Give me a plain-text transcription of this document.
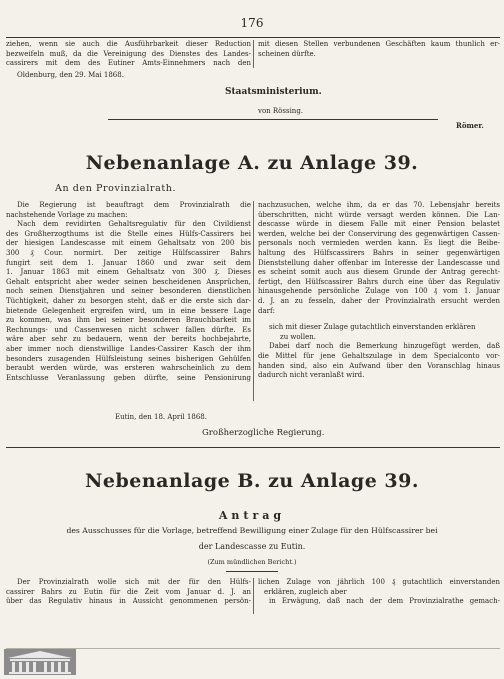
176
ziehen, wenn sie auch die Ausführbarkeit dieser Reduction
bezweifeln muß, da die Vereinigung des Dienstes des Landes-
cassirers mit dem des Eutiner Amts-Einnehmers nach den
mit diesen Stellen verbundenen Geschäften kaum thunlich er-
scheinen dürfte.
Oldenburg, den 29. Mai 1868.
Staatsministerium.
von Rössing.
Römer.
Nebenanlage A. zu Anlage 39.
An den Provinzialrath.
Die Regierung ist beauftragt dem Provinzialrath die
nachstehende Vorlage zu machen:
Nach dem revidirten Gehaltsregulativ für den Civildienst
des Großherzogthums ist die Stelle eines Hülfs-Cassirers bei
der hiesigen Landescasse mit einem Gehaltsatz von 200 bis
300 ₰ Cour. normirt. Der zeitige Hülfscassirer Bahrs
fungirt seit dem 1. Januar 1860 und zwar seit dem
1. Januar 1863 mit einem Gehaltsatz von 300 ₰. Dieses
Gehalt entspricht aber weder seinen bescheidenen Ansprüchen,
noch seinen Dienstjahren und seiner besonderen dienstlichen
Tüchtigkeit, daher zu besorgen steht, daß er die erste sich dar-
bietende Gelegenheit ergreifen wird, um in eine bessere Lage
zu kommen, was ihm bei seiner besonderen Brauchbarkeit im
Rechnungs- und Cassenwesen nicht schwer fallen dürfte. Es
wäre aber sehr zu bedauern, wenn der bereits hochbejahrte,
aber immer noch dienstwillige Landes-Cassirer Kasch der ihm
besonders zusagenden Hülfsleistung seines bisherigen Gehülfen
beraubt werden würde, was ersteren wahrscheinlich zu dem
Entschlusse Veranlassung geben dürfte, seine Pensionirung
nachzusuchen, welche ihm, da er das 70. Lebensjahr bereits
überschritten, nicht würde versagt werden können. Die Lan-
descasse würde in diesem Falle mit einer Pension belastet
werden, welche bei der Conservirung des gegenwärtigen Cassen-
personals noch vermieden werden kann. Es liegt die Beibe-
haltung des Hülfscassirers Bahrs in seiner gegenwärtigen
Dienststellung daher offenbar im Interesse der Landescasse und
es scheint somit auch aus diesem Grunde der Antrag gerecht-
fertigt, den Hülfscassirer Bahrs durch eine über das Regulativ
hinausgehende persönliche Zulage von 100 ₰ vom 1. Januar
d. J. an zu fesseln, daher der Provinzialrath ersucht werden
darf:
sich mit dieser Zulage gutachtlich einverstanden erklären
zu wollen.
Dabei darf noch die Bemerkung hinzugefügt werden, daß
die Mittel für jene Gehaltszulage in dem Specialconto vor-
handen sind, also ein Aufwand über den Voranschlag hinaus
dadurch nicht veranlaßt wird.
Eutin, den 18. April 1868.
Großherzogliche Regierung.
Nebenanlage B. zu Anlage 39.
Antrag
des Ausschusses für die Vorlage, betreffend Bewilligung einer Zulage für den Hülfscassirer bei
der Landescasse zu Eutin.
(Zum mündlichen Bericht.)
Der Provinzialrath wolle sich mit der für den Hülfs-
cassirer Bahrs zu Eutin für die Zeit vom Januar d. J. an
über das Regulativ hinaus in Aussicht genommenen persön-
lichen Zulage von jährlich 100 ₰ gutachtlich einverstanden
erklären, zugleich aber
in Erwägung, daß nach der dem Provinzialrathe gemach-
